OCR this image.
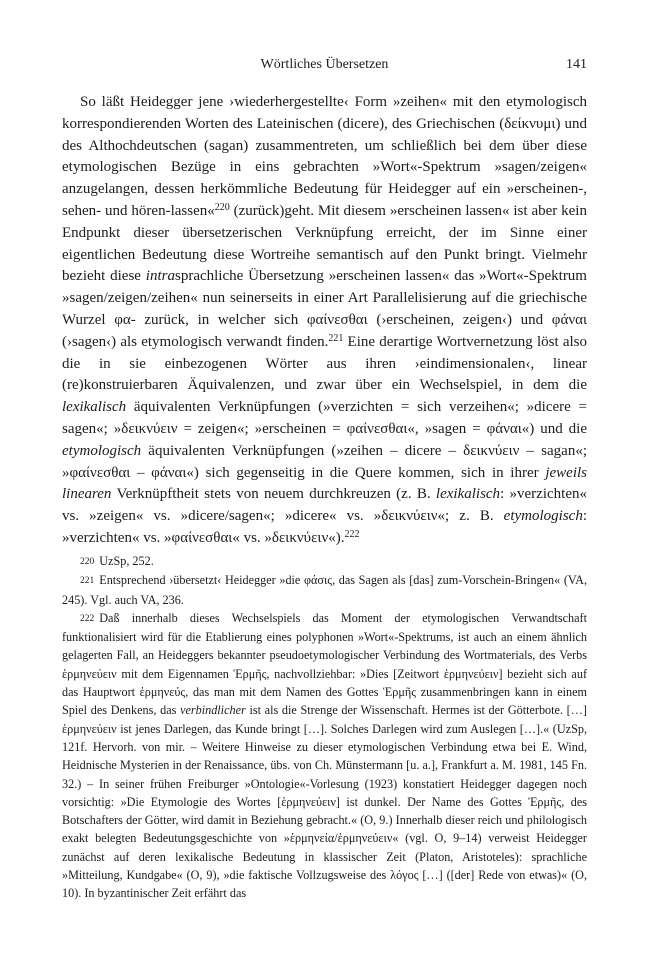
Wörtliches Übersetzen	141

So läßt Heidegger jene ›wiederhergestellte‹ Form »zeihen« mit den etymologisch korrespondierenden Worten des Lateinischen (dicere), des Griechischen (δείκνυμι) und des Althochdeutschen (sagan) zusammentreten, um schließlich bei dem über diese etymologischen Bezüge in eins gebrachten »Wort«-Spektrum »sagen/zeigen« anzugelangen, dessen herkömmliche Bedeutung für Heidegger auf ein »erscheinen-, sehen- und hören-lassen«$^{220}$ (zurück)geht. Mit diesem »erscheinen lassen« ist aber kein Endpunkt dieser übersetzerischen Verknüpfung erreicht, der im Sinne einer eigentlichen Bedeutung diese Wortreihe semantisch auf den Punkt bringt. Vielmehr bezieht diese intrasprachliche Übersetzung »erscheinen lassen« das »Wort«-Spektrum »sagen/zeigen/zeihen« nun seinerseits in einer Art Parallelisierung auf die griechische Wurzel φα- zurück, in welcher sich φαίνεσθαι (›erscheinen, zeigen‹) und φάναι (›sagen‹) als etymologisch verwandt finden.$^{221}$ Eine derartige Wortvernetzung löst also die in sie einbezogenen Wörter aus ihren ›eindimensionalen‹, linear (re)konstruierbaren Äquivalenzen, und zwar über ein Wechselspiel, in dem die lexikalisch äquivalenten Verknüpfungen (»verzichten = sich verzeihen«; »dicere = sagen«; »δεικνύειν = zeigen«; »erscheinen = φαίνεσθαι«, »sagen = φάναι«) und die etymologisch äquivalenten Verknüpfungen (»zeihen – dicere – δεικνύειν – sagan«; »φαίνεσθαι – φάναι«) sich gegenseitig in die Quere kommen, sich in ihrer jeweils linearen Verknüpftheit stets von neuem durchkreuzen (z. B. lexikalisch: »verzichten« vs. »zeigen« vs. »dicere/sagen«; »dicere« vs. »δεικνύειν«; z. B. etymologisch: »verzichten« vs. »φαίνεσθαι« vs. »δεικνύειν«).$^{222}$

220 UzSp, 252.

221 Entsprechend ›übersetzt‹ Heidegger »die φάσις, das Sagen als [das] zum-Vorschein-Bringen« (VA, 245). Vgl. auch VA, 236.

222 Daß innerhalb dieses Wechselspiels das Moment der etymologischen Verwandtschaft funktionalisiert wird für die Etablierung eines polyphonen »Wort«-Spektrums, ist auch an einem ähnlich gelagerten Fall, an Heideggers bekannter pseudoetymologischer Verbindung des Wortmaterials, des Verbs ἑρμηνεύειν mit dem Eigennamen Ἑρμῆς, nachvollziehbar: »Dies [Zeitwort ἑρμηνεύειν] bezieht sich auf das Hauptwort ἑρμηνεύς, das man mit dem Namen des Gottes Ἑρμῆς zusammenbringen kann in einem Spiel des Denkens, das verbindlicher ist als die Strenge der Wissenschaft. Hermes ist der Götterbote. […] ἑρμηνεύειν ist jenes Darlegen, das Kunde bringt […]. Solches Darlegen wird zum Auslegen […].« (UzSp, 121f. Hervorh. von mir. – Weitere Hinweise zu dieser etymologischen Verbindung etwa bei E. Wind, Heidnische Mysterien in der Renaissance, übs. von Ch. Münstermann [u. a.], Frankfurt a. M. 1981, 145 Fn. 32.) – In seiner frühen Freiburger »Ontologie«-Vorlesung (1923) konstatiert Heidegger dagegen noch vorsichtig: »Die Etymologie des Wortes [ἑρμηνεύειν] ist dunkel. Der Name des Gottes Ἑρμῆς, des Botschafters der Götter, wird damit in Beziehung gebracht.« (O, 9.) Innerhalb dieser reich und philologisch exakt belegten Bedeutungsgeschichte von »ἑρμηνεία/ἑρμηνεύειν« (vgl. O, 9–14) verweist Heidegger zunächst auf deren lexikalische Bedeutung in klassischer Zeit (Platon, Aristoteles): sprachliche »Mitteilung, Kundgabe« (O, 9), »die faktische Vollzugsweise des λόγος […] ([der] Rede von etwas)« (O, 10). In byzantinischer Zeit erfährt das
